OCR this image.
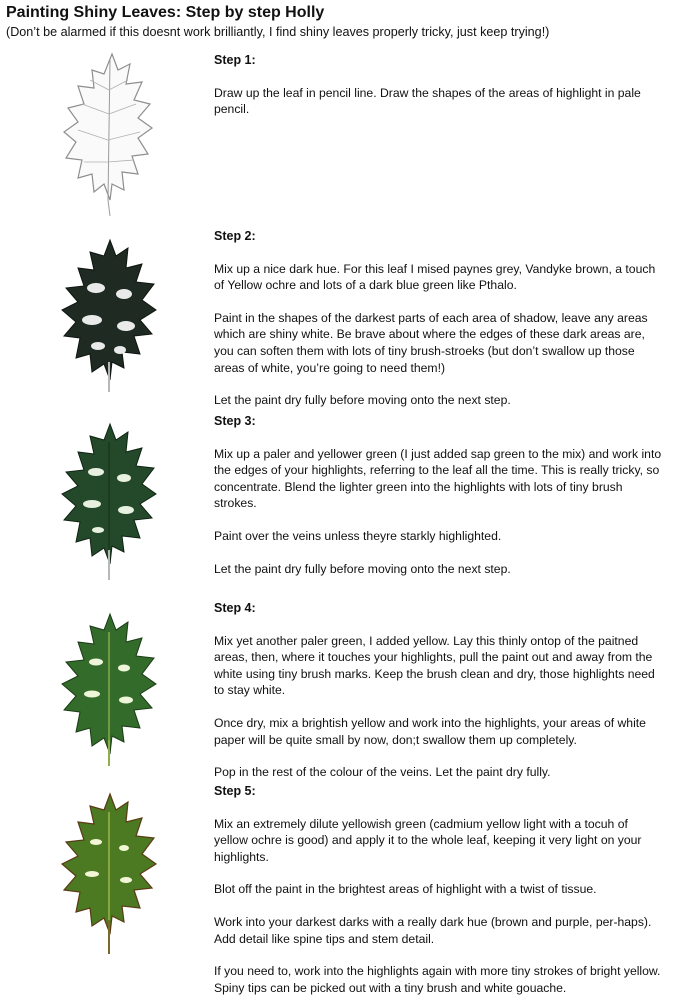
Painting Shiny Leaves: Step by step Holly
(Don’t be alarmed if this doesnt work brilliantly, I find shiny leaves properly tricky, just keep trying!)
Step 1:

Draw up the leaf in pencil line. Draw the shapes of the areas of highlight in pale pencil.

Step 2:

Mix up a nice dark hue. For this leaf I mised paynes grey, Vandyke brown, a touch of Yellow ochre and lots of a dark blue green like Pthalo.

Paint in the shapes of the darkest parts of each area of shadow, leave any areas which are shiny white. Be brave about where the edges of these dark areas are, you can soften them with lots of tiny brush-stroeks (but don’t swallow up those areas of white, you’re going to need them!)

Let the paint dry fully before moving onto the next step.

Step 3:

Mix up a paler and yellower green (I just added sap green to the mix) and work into the edges of your highlights, referring to the leaf all the time. This is really tricky, so concentrate. Blend the lighter green into the highlights with lots of tiny brush strokes.

Paint over the veins unless theyre starkly highlighted.

Let the paint dry fully before moving onto the next step.

Step 4:

Mix yet another paler green, I added yellow. Lay this thinly ontop of the paitned areas, then, where it touches your highlights, pull the paint out and away from the white using tiny brush marks. Keep the brush clean and dry, those highlights need to stay white.

Once dry, mix a brightish yellow and work into the highlights, your areas of white paper will be quite small by now, don;t swallow them up completely.

Pop in the rest of the colour of the veins. Let the paint dry fully.

Step 5:

Mix an extremely dilute yellowish green (cadmium yellow light with a tocuh of yellow ochre is good) and apply it to the whole leaf, keeping it very light on your highlights.

Blot off the paint in the brightest areas of highlight with a twist of tissue.

Work into your darkest darks with a really dark hue (brown and purple, per-haps). Add detail like spine tips and stem detail.

If you need to, work into the highlights again with more tiny strokes of bright yellow. Spiny tips can be picked out with a tiny brush and white gouache.
